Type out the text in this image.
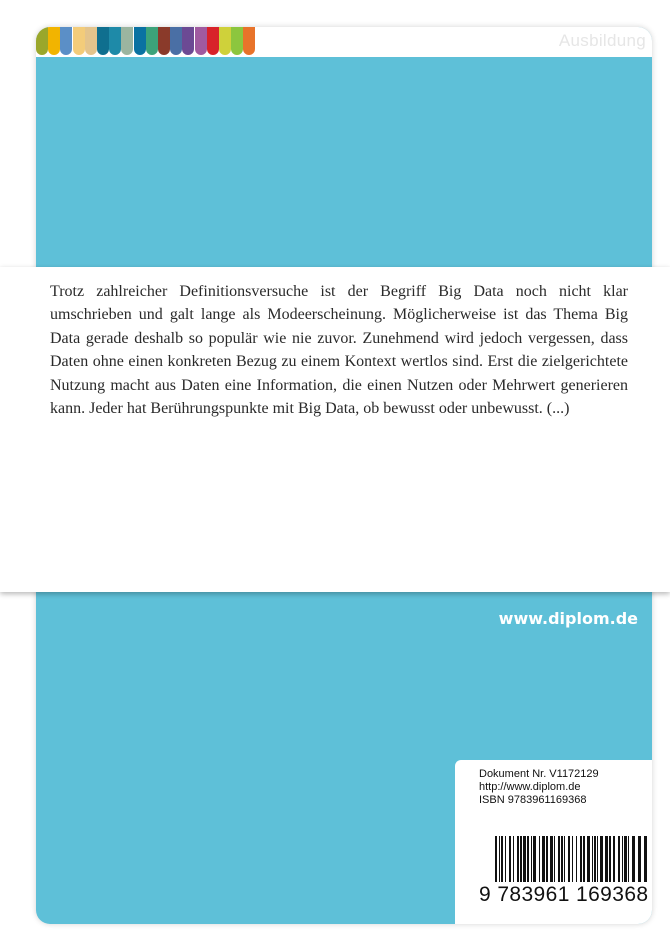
Ausbildung
www.diplom.de
Dokument Nr. V1172129
http://www.diplom.de
ISBN 9783961169368
9 783961 169368
Trotz zahlreicher Definitionsversuche ist der Begriff Big Data noch nicht klar umschrieben und galt lange als Modeerscheinung. Möglicherweise ist das Thema Big Data gerade deshalb so populär wie nie zuvor. Zunehmend wird jedoch vergessen, dass Daten ohne einen konkreten Bezug zu einem Kontext wertlos sind. Erst die zielgerichtete Nutzung macht aus Daten eine Information, die einen Nutzen oder Mehrwert generieren kann. Jeder hat Berührungspunkte mit Big Data, ob bewusst oder unbewusst. (...)
